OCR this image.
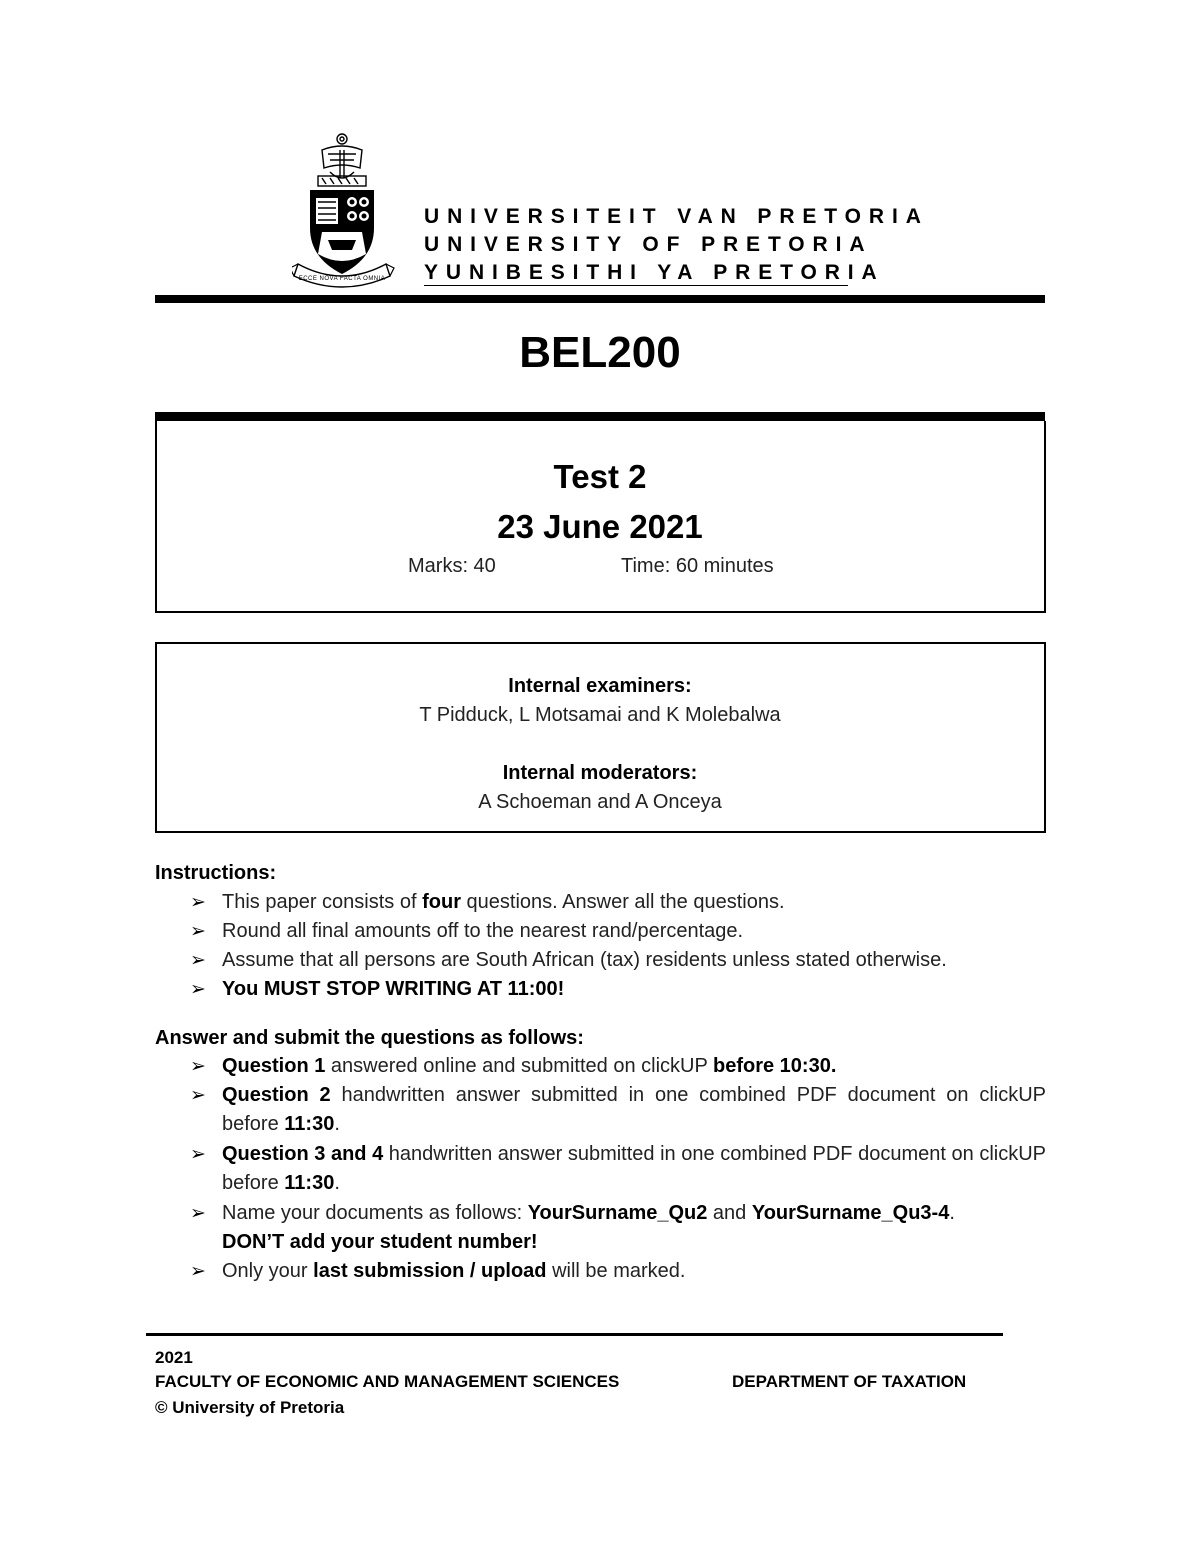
ECCE NOVA FACTA OMNIA
UNIVERSITEIT VAN PRETORIA
UNIVERSITY OF PRETORIA
YUNIBESITHI YA PRETORIA
BEL200
Test 2
23 June 2021
Marks: 40	Time: 60 minutes
Internal examiners:
T Pidduck, L Motsamai and K Molebalwa
Internal moderators:
A Schoeman and A Onceya
Instructions:
➢ This paper consists of four questions. Answer all the questions.
➢ Round all final amounts off to the nearest rand/percentage.
➢ Assume that all persons are South African (tax) residents unless stated otherwise.
➢ You MUST STOP WRITING AT 11:00!
Answer and submit the questions as follows:
➢ Question 1 answered online and submitted on clickUP before 10:30.
➢ Question 2 handwritten answer submitted in one combined PDF document on clickUP before 11:30.
➢ Question 3 and 4 handwritten answer submitted in one combined PDF document on clickUP before 11:30.
➢ Name your documents as follows: YourSurname_Qu2 and YourSurname_Qu3-4.
DON’T add your student number!
➢ Only your last submission / upload will be marked.
2021
FACULTY OF ECONOMIC AND MANAGEMENT SCIENCES	DEPARTMENT OF TAXATION
© University of Pretoria
